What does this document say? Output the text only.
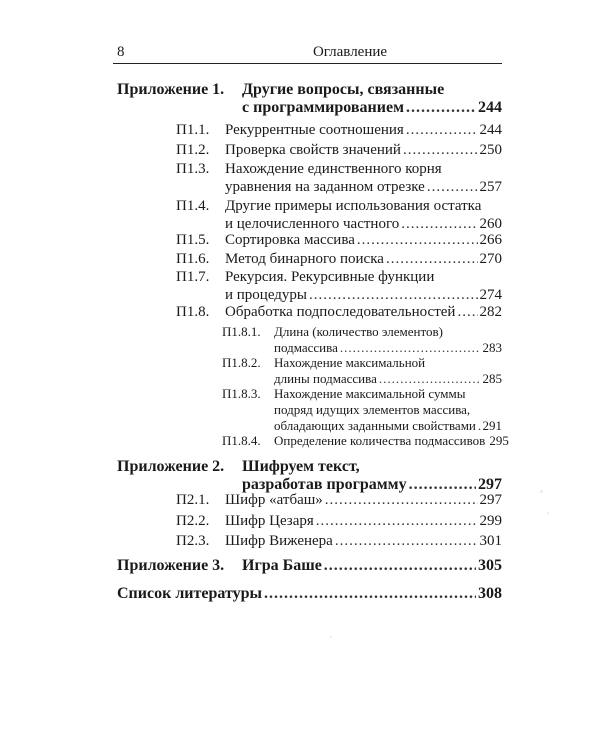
8	Оглавление
Приложение 1. Другие вопросы, связанные
с программированием .....	244
П1.1. Рекуррентные соотношения .....	244
П1.2. Проверка свойств значений .....	250
П1.3. Нахождение единственного корня
уравнения на заданном отрезке .....	257
П1.4. Другие примеры использования остатка
и целочисленного частного .....	260
П1.5. Сортировка массива .....	266
П1.6. Метод бинарного поиска .....	270
П1.7. Рекурсия. Рекурсивные функции
и процедуры .....	274
П1.8. Обработка подпоследовательностей ..... 282
П1.8.1. Длина (количество элементов)
подмассива .....	283
П1.8.2. Нахождение максимальной
длины подмассива .....	285
П1.8.3. Нахождение максимальной суммы
подряд идущих элементов массива,
обладающих заданными свойствами ..... 291
П1.8.4. Определение количества подмассивов 295
Приложение 2. Шифруем текст,
разработав программу .....	297
П2.1. Шифр «атбаш» .....	297
П2.2. Шифр Цезаря .....	299
П2.3. Шифр Виженера .....	301
Приложение 3. Игра Баше .....	305
Список литературы .....	308
